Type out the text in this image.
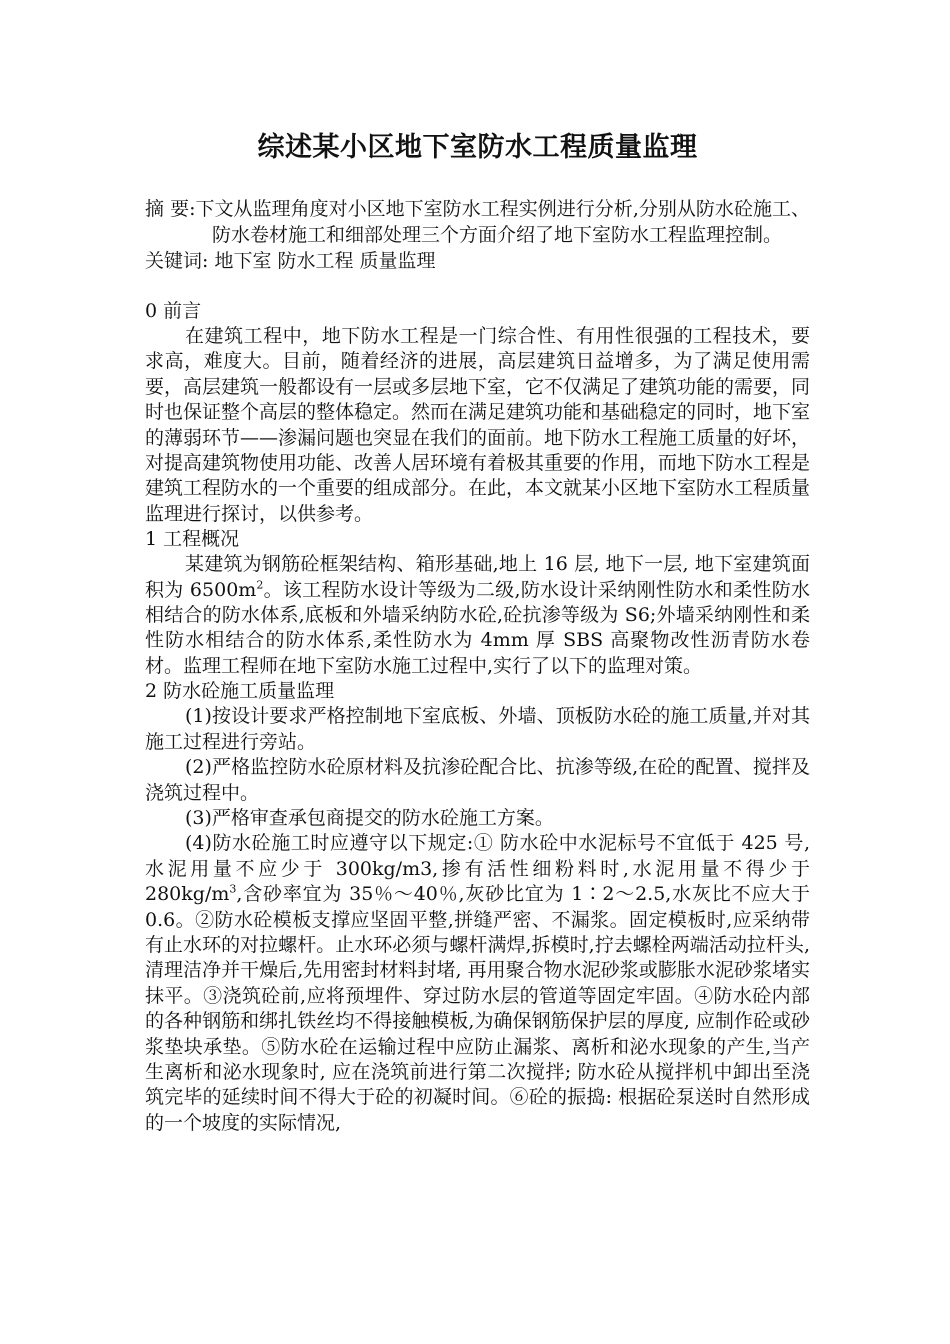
综述某小区地下室防水工程质量监理

摘 要:下文从监理角度对小区地下室防水工程实例进行分析,分别从防水砼施工、防水卷材施工和细部处理三个方面介绍了地下室防水工程监理控制。

关键词: 地下室 防水工程 质量监理

0 前言

在建筑工程中，地下防水工程是一门综合性、有用性很强的工程技术，要求高，难度大。目前，随着经济的进展，高层建筑日益增多，为了满足使用需要，高层建筑一般都设有一层或多层地下室，它不仅满足了建筑功能的需要，同时也保证整个高层的整体稳定。然而在满足建筑功能和基础稳定的同时，地下室的薄弱环节——渗漏问题也突显在我们的面前。地下防水工程施工质量的好坏，对提高建筑物使用功能、改善人居环境有着极其重要的作用，而地下防水工程是建筑工程防水的一个重要的组成部分。在此，本文就某小区地下室防水工程质量监理进行探讨，以供参考。

1 工程概况

某建筑为钢筋砼框架结构、箱形基础,地上 16 层, 地下一层, 地下室建筑面积为 $6500m^2$。该工程防水设计等级为二级,防水设计采纳刚性防水和柔性防水相结合的防水体系,底板和外墙采纳防水砼,砼抗渗等级为 S6;外墙采纳刚性和柔性防水相结合的防水体系,柔性防水为 4mm 厚 SBS 高聚物改性沥青防水卷材。监理工程师在地下室防水施工过程中,实行了以下的监理对策。

2 防水砼施工质量监理

(1)按设计要求严格控制地下室底板、外墙、顶板防水砼的施工质量,并对其施工过程进行旁站。

(2)严格监控防水砼原材料及抗渗砼配合比、抗渗等级,在砼的配置、搅拌及浇筑过程中。

(3)严格审查承包商提交的防水砼施工方案。

(4)防水砼施工时应遵守以下规定:① 防水砼中水泥标号不宜低于 425 号,水泥用量不应少于 300kg/m3,掺有活性细粉料时,水泥用量不得少于 $280kg/m^3$,含砂率宜为 35％～40％,灰砂比宜为 1∶2～2.5,水灰比不应大于 0.6。②防水砼模板支撑应坚固平整,拼缝严密、不漏浆。固定模板时,应采纳带有止水环的对拉螺杆。止水环必须与螺杆满焊,拆模时,拧去螺栓两端活动拉杆头,清理洁净并干燥后,先用密封材料封堵, 再用聚合物水泥砂浆或膨胀水泥砂浆堵实抹平。③浇筑砼前,应将预埋件、穿过防水层的管道等固定牢固。④防水砼内部的各种钢筋和绑扎铁丝均不得接触模板,为确保钢筋保护层的厚度, 应制作砼或砂浆垫块承垫。⑤防水砼在运输过程中应防止漏浆、离析和泌水现象的产生,当产生离析和泌水现象时, 应在浇筑前进行第二次搅拌; 防水砼从搅拌机中卸出至浇筑完毕的延续时间不得大于砼的初凝时间。⑥砼的振捣: 根据砼泵送时自然形成的一个坡度的实际情况,
